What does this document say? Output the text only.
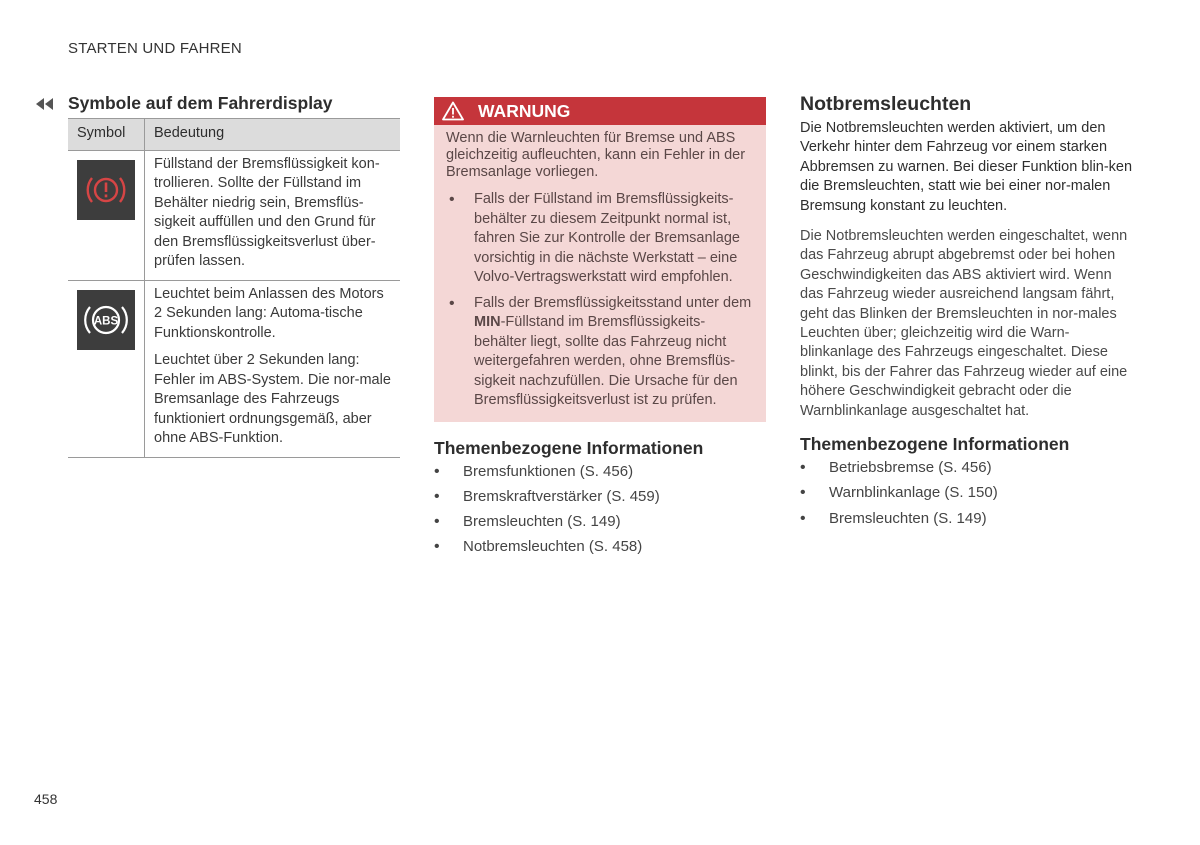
STARTEN UND FAHREN
Symbole auf dem Fahrerdisplay
Symbol	Bedeutung

Füllstand der Bremsflüssigkeit kon-trollieren. Sollte der Füllstand im Behälter niedrig sein, Bremsflüs-sigkeit auffüllen und den Grund für den Bremsflüssigkeitsverlust über-prüfen lassen.

ABS	Leuchtet beim Anlassen des Motors 2 Sekunden lang: Automa-tische Funktionskontrolle.

Leuchtet über 2 Sekunden lang: Fehler im ABS-System. Die nor-male Bremsanlage des Fahrzeugs funktioniert ordnungsgemäß, aber ohne ABS-Funktion.

WARNUNG

Wenn die Warnleuchten für Bremse und ABS gleichzeitig aufleuchten, kann ein Fehler in der Bremsanlage vorliegen.

• Falls der Füllstand im Bremsflüssigkeits-behälter zu diesem Zeitpunkt normal ist, fahren Sie zur Kontrolle der Bremsanlage vorsichtig in die nächste Werkstatt – eine Volvo-Vertragswerkstatt wird empfohlen.
• Falls der Bremsflüssigkeitsstand unter dem MIN-Füllstand im Bremsflüssigkeits-behälter liegt, sollte das Fahrzeug nicht weitergefahren werden, ohne Bremsflüs-sigkeit nachzufüllen. Die Ursache für den Bremsflüssigkeitsverlust ist zu prüfen.
Themenbezogene Informationen
• Bremsfunktionen (S. 456)
• Bremskraftverstärker (S. 459)
• Bremsleuchten (S. 149)
• Notbremsleuchten (S. 458)
Notbremsleuchten

Die Notbremsleuchten werden aktiviert, um den Verkehr hinter dem Fahrzeug vor einem starken Abbremsen zu warnen. Bei dieser Funktion blin-ken die Bremsleuchten, statt wie bei einer nor-malen Bremsung konstant zu leuchten.

Die Notbremsleuchten werden eingeschaltet, wenn das Fahrzeug abrupt abgebremst oder bei hohen Geschwindigkeiten das ABS aktiviert wird. Wenn das Fahrzeug wieder ausreichend langsam fährt, geht das Blinken der Bremsleuchten in nor-males Leuchten über; gleichzeitig wird die Warn-blinkanlage des Fahrzeugs eingeschaltet. Diese blinkt, bis der Fahrer das Fahrzeug wieder auf eine höhere Geschwindigkeit gebracht oder die Warnblinkanlage ausgeschaltet hat.

Themenbezogene Informationen
• Betriebsbremse (S. 456)
• Warnblinkanlage (S. 150)
• Bremsleuchten (S. 149)
458
